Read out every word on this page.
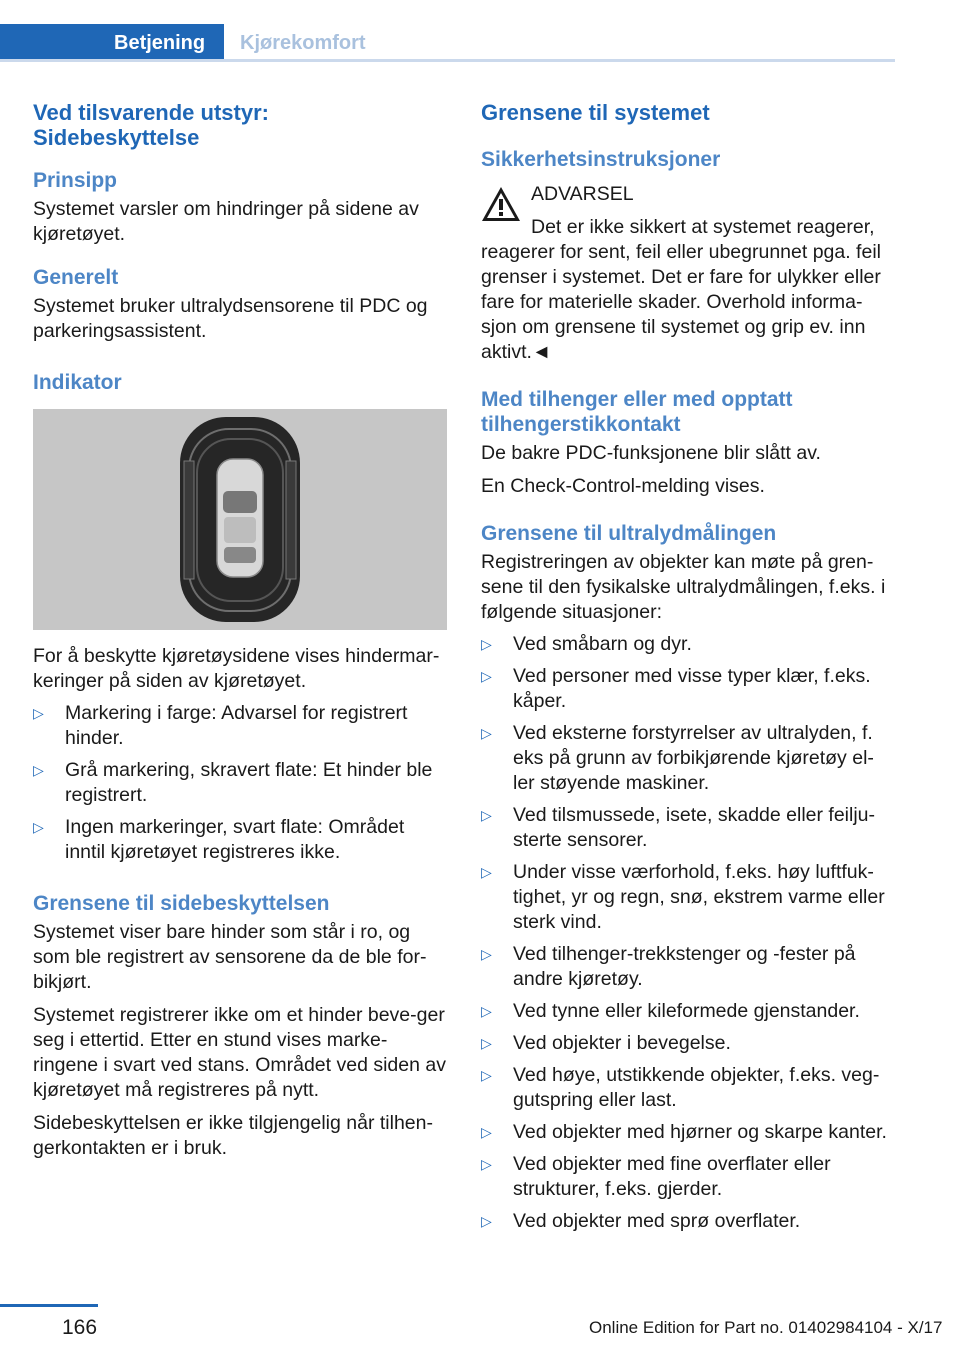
Betjening	Kjørekomfort
Ved tilsvarende utstyr: Sidebeskyttelse
Prinsipp

Systemet varsler om hindringer på sidene av kjøretøyet.

Generelt

Systemet bruker ultralydsensorene til PDC og parkeringsassistent.

Indikator

For å beskytte kjøretøysidene vises hindermar-keringer på siden av kjøretøyet.

▷ Markering i farge: Advarsel for registrert hinder.
▷ Grå markering, skravert flate: Et hinder ble registrert.
▷ Ingen markeringer, svart flate: Området inntil kjøretøyet registreres ikke.
Grensene til sidebeskyttelsen

Systemet viser bare hinder som står i ro, og som ble registrert av sensorene da de ble for-bikjørt.

Systemet registrerer ikke om et hinder beve-ger seg i ettertid. Etter en stund vises marke-ringene i svart ved stans. Området ved siden av kjøretøyet må registreres på nytt.

Sidebeskyttelsen er ikke tilgjengelig når tilhen-gerkontakten er i bruk.

Grensene til systemet
Sikkerhetsinstruksjoner

ADVARSEL

Det er ikke sikkert at systemet reagerer,

reagerer for sent, feil eller ubegrunnet pga. feil grenser i systemet. Det er fare for ulykker eller fare for materielle skader. Overhold informa-sjon om grensene til systemet og grip ev. inn aktivt.◄

Med tilhenger eller med opptatt tilhengerstikkontakt

De bakre PDC-funksjonene blir slått av.

En Check-Control-melding vises.

Grensene til ultralydmålingen

Registreringen av objekter kan møte på gren-sene til den fysikalske ultralydmålingen, f.eks. i følgende situasjoner:

▷ Ved småbarn og dyr.
▷ Ved personer med visse typer klær, f.eks. kåper.
▷ Ved eksterne forstyrrelser av ultralyden, f. eks på grunn av forbikjørende kjøretøy el-ler støyende maskiner.
▷ Ved tilsmussede, isete, skadde eller feilju-sterte sensorer.
▷ Under visse værforhold, f.eks. høy luftfuk-tighet, yr og regn, snø, ekstrem varme eller sterk vind.
▷ Ved tilhenger-trekkstenger og -fester på andre kjøretøy.
▷ Ved tynne eller kileformede gjenstander.
▷ Ved objekter i bevegelse.
▷ Ved høye, utstikkende objekter, f.eks. veg-gutspring eller last.
▷ Ved objekter med hjørner og skarpe kanter.
▷ Ved objekter med fine overflater eller strukturer, f.eks. gjerder.
▷ Ved objekter med sprø overflater.
166	Online Edition for Part no. 01402984104 - X/17
